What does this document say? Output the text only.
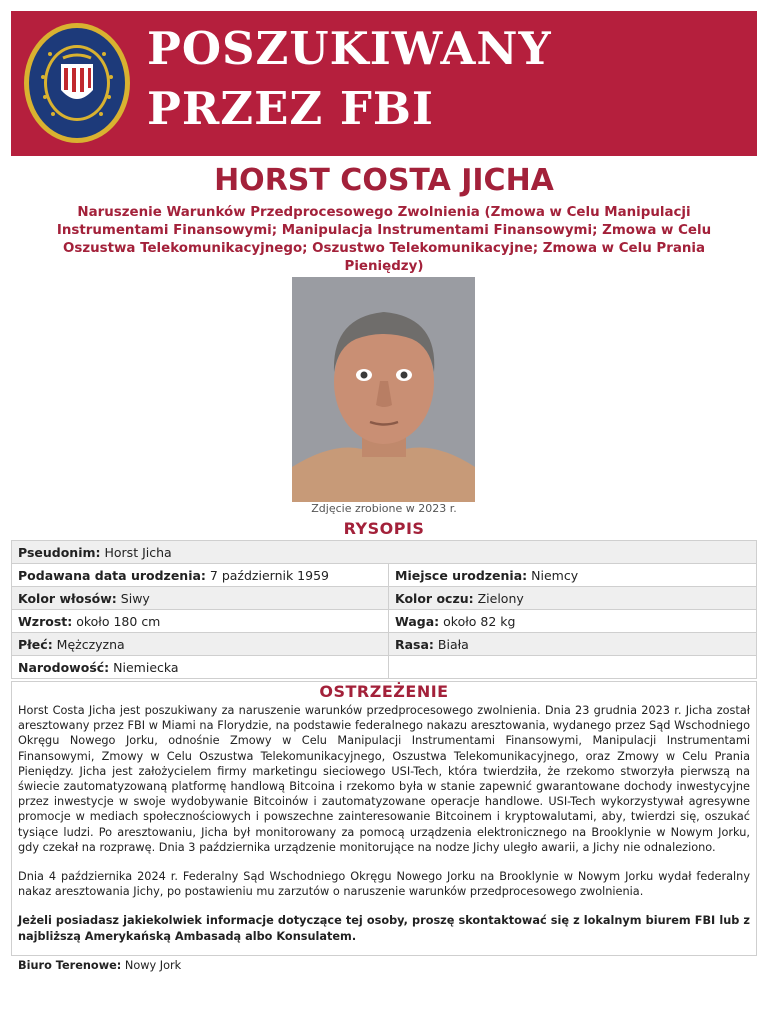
POSZUKIWANY
PRZEZ FBI
HORST COSTA JICHA
Naruszenie Warunków Przedprocesowego Zwolnienia (Zmowa w Celu Manipulacji Instrumentami Finansowymi; Manipulacja Instrumentami Finansowymi; Zmowa w Celu Oszustwa Telekomunikacyjnego; Oszustwo Telekomunikacyjne; Zmowa w Celu Prania Pieniędzy)
Zdjęcie zrobione w 2023 r.
RYSOPIS
Pseudonim: Horst Jicha	
Podawana data urodzenia: 7 październik 1959	Miejsce urodzenia: Niemcy
Kolor włosów: Siwy	Kolor oczu: Zielony
Wzrost: około 180 cm	Waga: około 82 kg
Płeć: Mężczyzna	Rasa: Biała
Narodowość: Niemiecka	
OSTRZEŻENIE

Horst Costa Jicha jest poszukiwany za naruszenie warunków przedprocesowego zwolnienia. Dnia 23 grudnia 2023 r. Jicha został aresztowany przez FBI w Miami na Florydzie, na podstawie federalnego nakazu aresztowania, wydanego przez Sąd Wschodniego Okręgu Nowego Jorku, odnośnie Zmowy w Celu Manipulacji Instrumentami Finansowymi, Manipulacji Instrumentami Finansowymi, Zmowy w Celu Oszustwa Telekomunikacyjnego, Oszustwa Telekomunikacyjnego, oraz Zmowy w Celu Prania Pieniędzy. Jicha jest założycielem firmy marketingu sieciowego USI-Tech, która twierdziła, że rzekomo stworzyła pierwszą na świecie zautomatyzowaną platformę handlową Bitcoina i rzekomo była w stanie zapewnić gwarantowane dochody inwestycyjne przez inwestycje w swoje wydobywanie Bitcoinów i zautomatyzowane operacje handlowe. USI-Tech wykorzystywał agresywne promocje w mediach społecznościowych i powszechne zainteresowanie Bitcoinem i kryptowalutami, aby, twierdzi się, oszukać tysiące ludzi. Po aresztowaniu, Jicha był monitorowany za pomocą urządzenia elektronicznego na Brooklynie w Nowym Jorku, gdy czekał na rozprawę. Dnia 3 października urządzenie monitorujące na nodze Jichy uległo awarii, a Jichy nie odnaleziono.

Dnia 4 października 2024 r. Federalny Sąd Wschodniego Okręgu Nowego Jorku na Brooklynie w Nowym Jorku wydał federalny nakaz aresztowania Jichy, po postawieniu mu zarzutów o naruszenie warunków przedprocesowego zwolnienia.

Jeżeli posiadasz jakiekolwiek informacje dotyczące tej osoby, proszę skontaktować się z lokalnym biurem FBI lub z najbliższą Amerykańską Ambasadą albo Konsulatem.

Biuro Terenowe: Nowy Jork
